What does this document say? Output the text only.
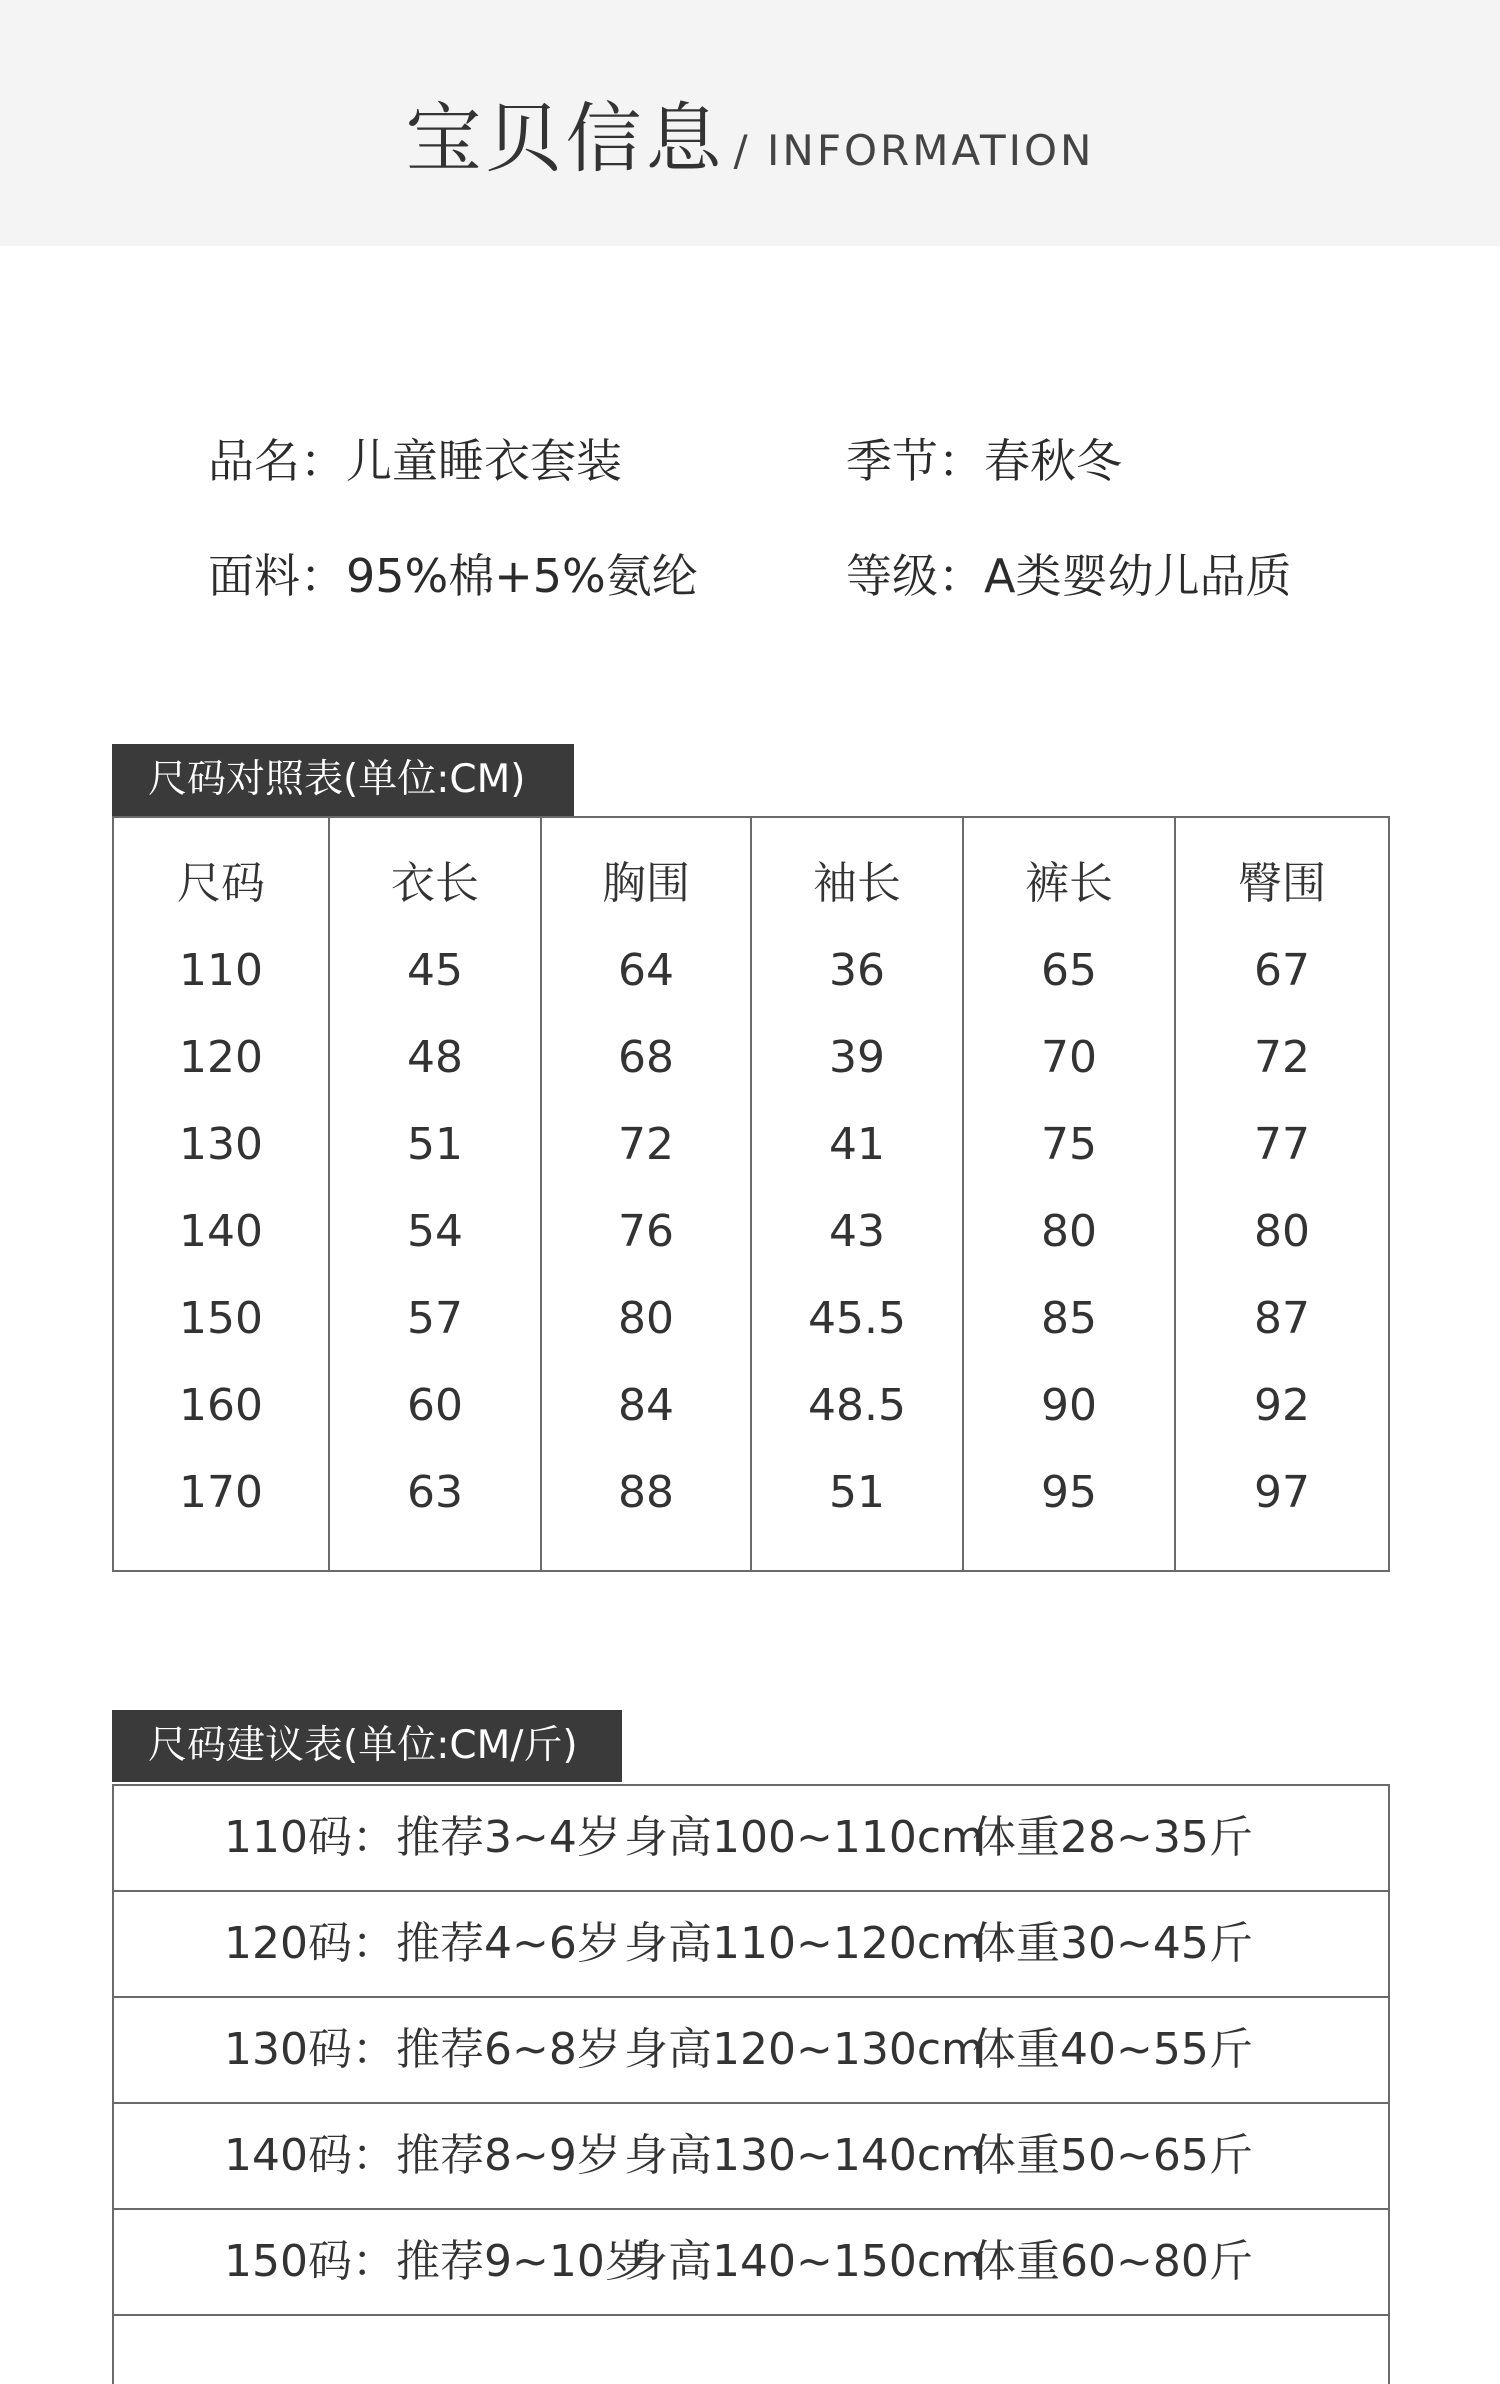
宝贝信息 / INFORMATION
品名：儿童睡衣套装	季节：春秋冬
面料：95%棉+5%氨纶	等级：A类婴幼儿品质
尺码对照表(单位:CM)
尺码
110
120
130
140
150
160
170
衣长
45
48
51
54
57
60
63
胸围
64
68
72
76
80
84
88
袖长
36
39
41
43
45.5
48.5
51
裤长
65
70
75
80
85
90
95
臀围
67
72
77
80
87
92
97
尺码建议表(单位:CM/斤)
110码：推荐3~4岁 身高100~110cm
体重28~35斤
120码：推荐4~6岁 身高110~120cm
体重30~45斤
130码：推荐6~8岁 身高120~130cm
体重40~55斤
140码：推荐8~9岁 身高130~140cm
体重50~65斤
150码：推荐9~10岁
身高140~150cm
体重60~80斤
